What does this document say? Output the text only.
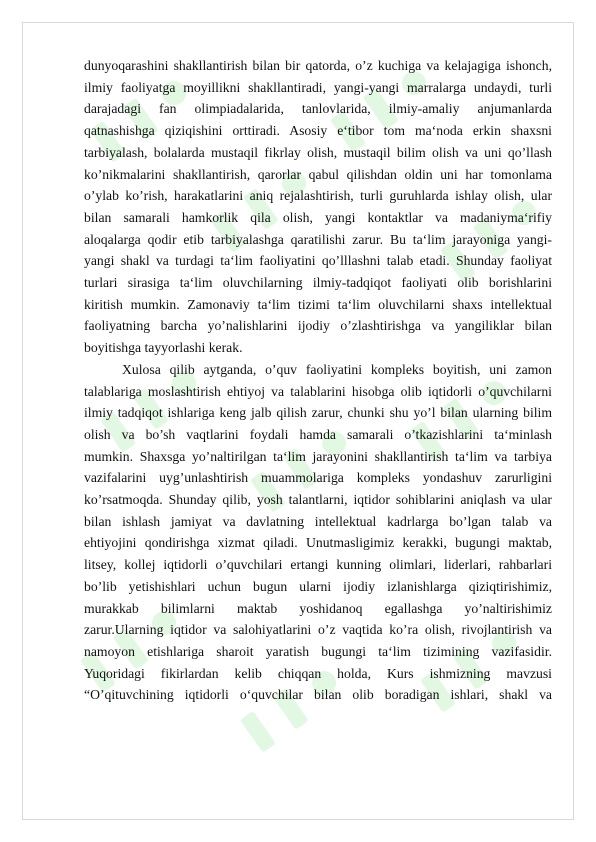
dunyoqarashini shakllantirish bilan bir qatorda, o’z kuchiga va kelajagiga ishonch,
ilmiy faoliyatga moyillikni shakllantiradi, yangi-yangi marralarga undaydi, turli
darajadagi fan olimpiadalarida, tanlovlarida, ilmiy-amaliy anjumanlarda
qatnashishga qiziqishini orttiradi. Asosiy e‘tibor tom ma‘noda erkin shaxsni
tarbiyalash, bolalarda mustaqil fikrlay olish, mustaqil bilim olish va uni qo’llash
ko’nikmalarini shakllantirish, qarorlar qabul qilishdan oldin uni har tomonlama
o’ylab ko’rish, harakatlarini aniq rejalashtirish, turli guruhlarda ishlay olish, ular
bilan samarali hamkorlik qila olish, yangi kontaktlar va madaniyma‘rifiy
aloqalarga qodir etib tarbiyalashga qaratilishi zarur. Bu ta‘lim jarayoniga yangi-
yangi shakl va turdagi ta‘lim faoliyatini qo’lllashni talab etadi. Shunday faoliyat
turlari sirasiga ta‘lim oluvchilarning ilmiy-tadqiqot faoliyati olib borishlarini
kiritish mumkin. Zamonaviy ta‘lim tizimi ta‘lim oluvchilarni shaxs intellektual
faoliyatning barcha yo’nalishlarini ijodiy o’zlashtirishga va yangiliklar bilan
boyitishga tayyorlashi kerak.
Xulosa qilib aytganda, o’quv faoliyatini kompleks boyitish, uni zamon
talablariga moslashtirish ehtiyoj va talablarini hisobga olib iqtidorli o’quvchilarni
ilmiy tadqiqot ishlariga keng jalb qilish zarur, chunki shu yo’l bilan ularning bilim
olish va bo’sh vaqtlarini foydali hamda samarali o’tkazishlarini ta‘minlash
mumkin. Shaxsga yo’naltirilgan ta‘lim jarayonini shakllantirish ta‘lim va tarbiya
vazifalarini uyg’unlashtirish muammolariga kompleks yondashuv zarurligini
ko’rsatmoqda. Shunday qilib, yosh talantlarni, iqtidor sohiblarini aniqlash va ular
bilan ishlash jamiyat va davlatning intellektual kadrlarga bo’lgan talab va
ehtiyojini qondirishga xizmat qiladi. Unutmasligimiz kerakki, bugungi maktab,
litsey, kollej iqtidorli o’quvchilari ertangi kunning olimlari, liderlari, rahbarlari
bo’lib yetishishlari uchun bugun ularni ijodiy izlanishlarga qiziqtirishimiz,
murakkab bilimlarni maktab yoshidanoq egallashga yo’naltirishimiz
zarur.Ularning iqtidor va salohiyatlarini o’z vaqtida ko’ra olish, rivojlantirish va
namoyon etishlariga sharoit yaratish bugungi ta‘lim tizimining vazifasidir.
Yuqoridagi fikirlardan kelib chiqqan holda, Kurs ishmizning mavzusi
“O’qituvchining iqtidorli o‘quvchilar bilan olib boradigan ishlari, shakl va
